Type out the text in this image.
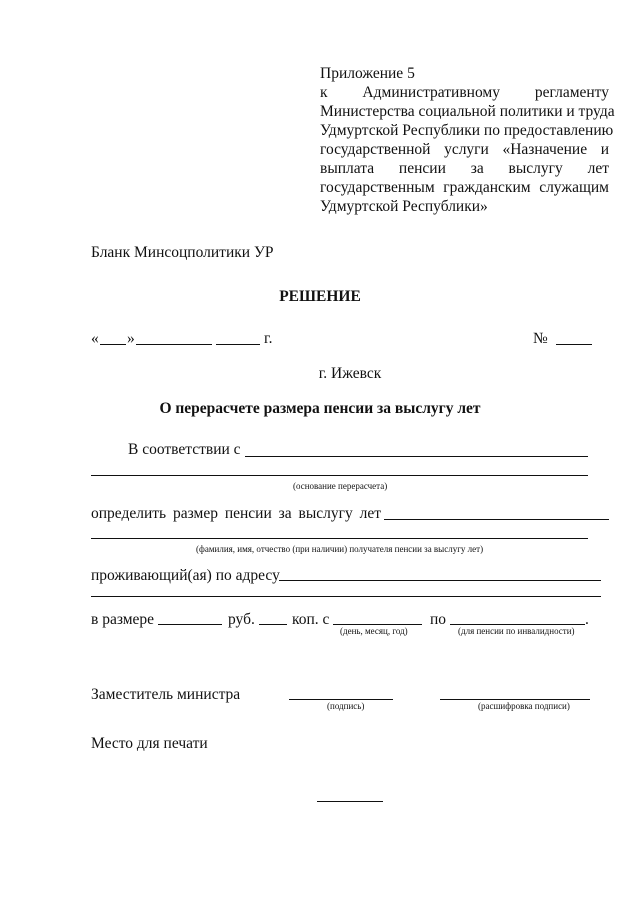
Приложение 5
к Административному регламенту
Министерства социальной политики и труда
Удмуртской Республики по предоставлению
государственной услуги «Назначение и
выплата пенсии за выслугу лет
государственным гражданским служащим
Удмуртской Республики»
Бланк Минсоцполитики УР
РЕШЕНИЕ
« »	г.	№
г. Ижевск
О перерасчете размера пенсии за выслугу лет
В соответствии с
(основание перерасчета)
определить размер пенсии за выслугу лет
(фамилия, имя, отчество (при наличии) получателя пенсии за выслугу лет)
проживающий(ая) по адресу
в размере	руб. коп. с
(день, месяц, год)
по	.
(для пенсии по инвалидности)
Заместитель министра
(подпись)	(расшифровка подписи)
Место для печати
